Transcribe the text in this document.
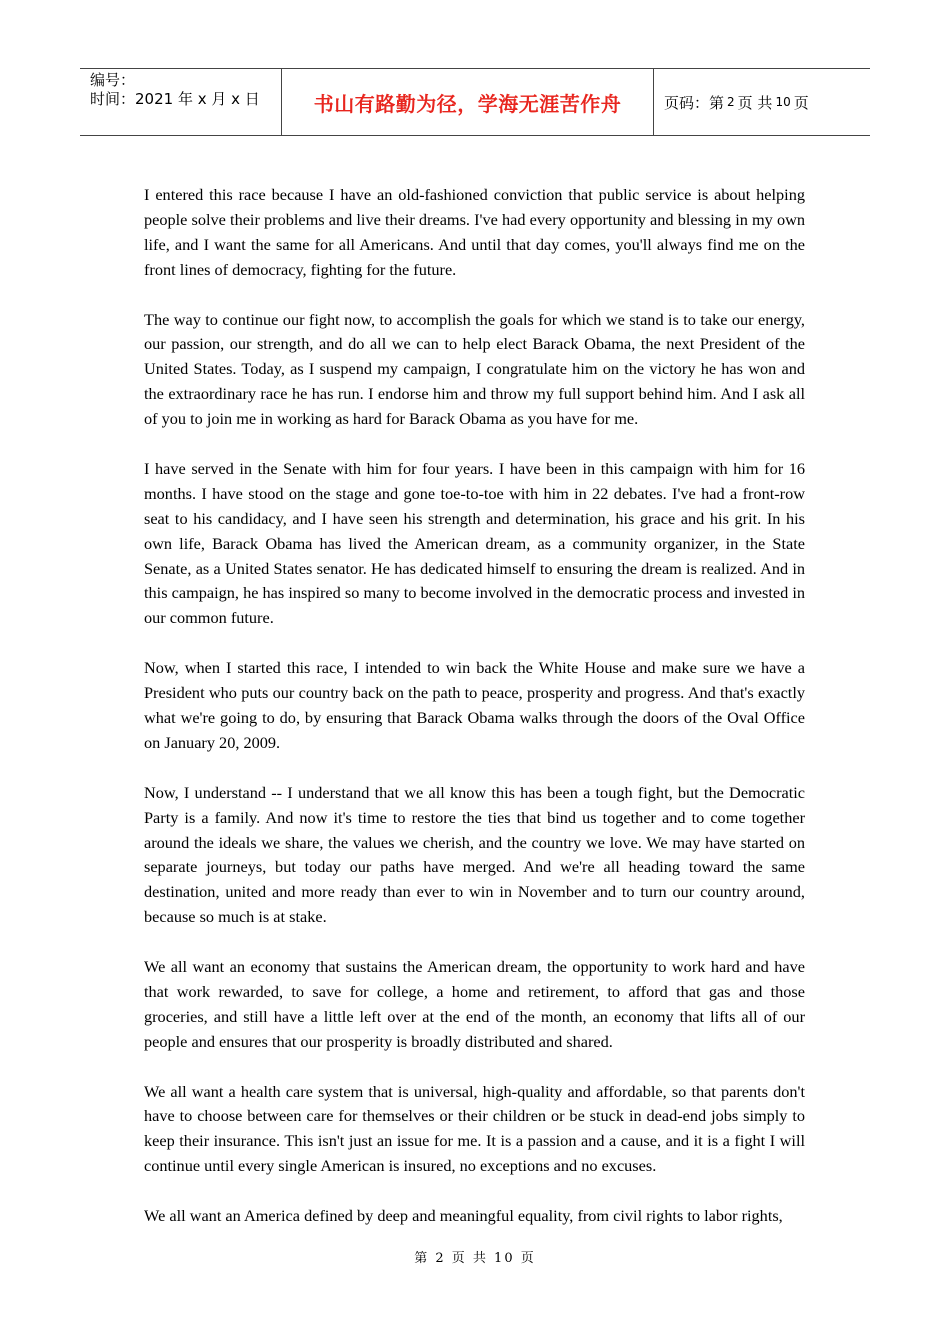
编号：
时间：2021 年 x 月 x 日	书山有路勤为径，学海无涯苦作舟	页码：第 2 页 共 10 页

I entered this race because I have an old-fashioned conviction that public service is about helping people solve their problems and live their dreams. I've had every opportunity and blessing in my own life, and I want the same for all Americans. And until that day comes, you'll always find me on the front lines of democracy, fighting for the future.

The way to continue our fight now, to accomplish the goals for which we stand is to take our energy, our passion, our strength, and do all we can to help elect Barack Obama, the next President of the United States. Today, as I suspend my campaign, I congratulate him on the victory he has won and the extraordinary race he has run. I endorse him and throw my full support behind him. And I ask all of you to join me in working as hard for Barack Obama as you have for me.

I have served in the Senate with him for four years. I have been in this campaign with him for 16 months. I have stood on the stage and gone toe-to-toe with him in 22 debates. I've had a front-row seat to his candidacy, and I have seen his strength and determination, his grace and his grit. In his own life, Barack Obama has lived the American dream, as a community organizer, in the State Senate, as a United States senator. He has dedicated himself to ensuring the dream is realized. And in this campaign, he has inspired so many to become involved in the democratic process and invested in our common future.

Now, when I started this race, I intended to win back the White House and make sure we have a President who puts our country back on the path to peace, prosperity and progress. And that's exactly what we're going to do, by ensuring that Barack Obama walks through the doors of the Oval Office on January 20, 2009.

Now, I understand -- I understand that we all know this has been a tough fight, but the Democratic Party is a family. And now it's time to restore the ties that bind us together and to come together around the ideals we share, the values we cherish, and the country we love. We may have started on separate journeys, but today our paths have merged. And we're all heading toward the same destination, united and more ready than ever to win in November and to turn our country around, because so much is at stake.

We all want an economy that sustains the American dream, the opportunity to work hard and have that work rewarded, to save for college, a home and retirement, to afford that gas and those groceries, and still have a little left over at the end of the month, an economy that lifts all of our people and ensures that our prosperity is broadly distributed and shared.

We all want a health care system that is universal, high-quality and affordable, so that parents don't have to choose between care for themselves or their children or be stuck in dead-end jobs simply to keep their insurance. This isn't just an issue for me. It is a passion and a cause, and it is a fight I will continue until every single American is insured, no exceptions and no excuses.

We all want an America defined by deep and meaningful equality, from civil rights to labor rights,

第 2 页 共 10 页
